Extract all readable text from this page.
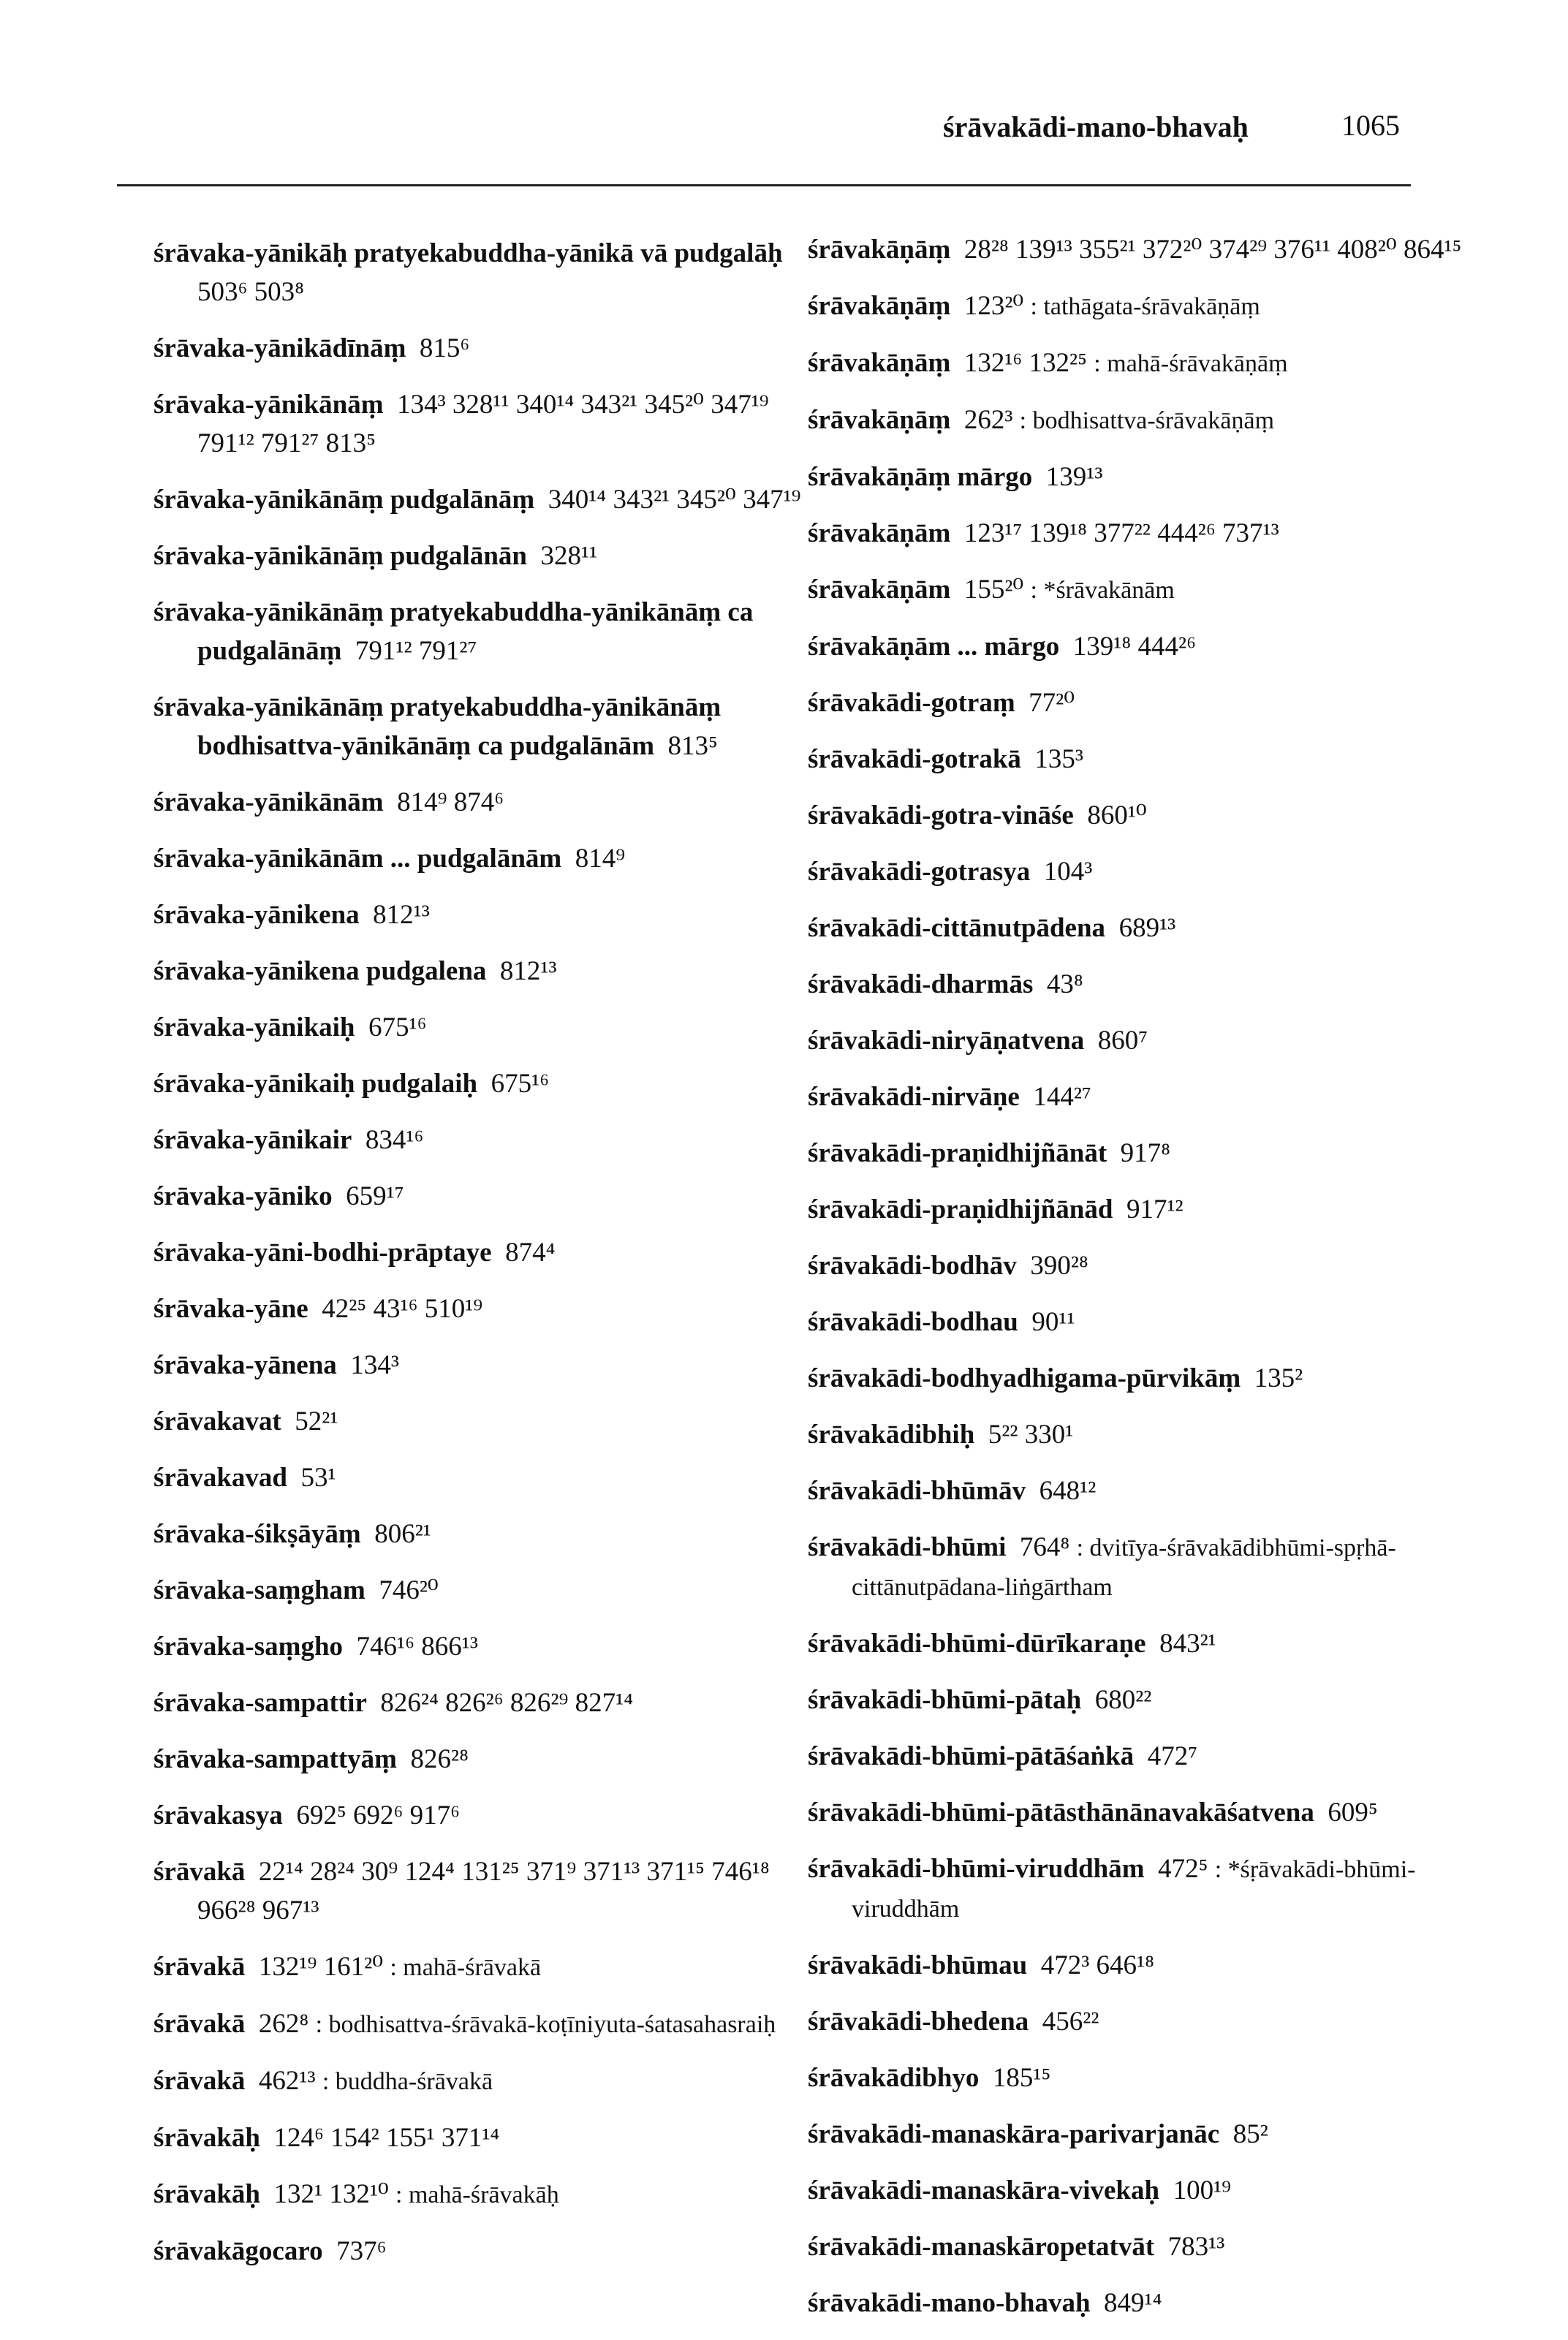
śrāvakādi-mano-bhavaḥ	1065

śrāvaka-yānikāḥ pratyekabuddha-yānikā vā pudgalāḥ 503⁶ 503⁸

śrāvaka-yānikādīnāṃ  815⁶

śrāvaka-yānikānāṃ  134³ 328¹¹ 340¹⁴ 343²¹ 345²⁰ 347¹⁹ 791¹² 791²⁷ 813⁵

śrāvaka-yānikānāṃ pudgalānāṃ  340¹⁴ 343²¹ 345²⁰ 347¹⁹

śrāvaka-yānikānāṃ pudgalānān  328¹¹

śrāvaka-yānikānāṃ pratyekabuddha-yānikānāṃ ca pudgalānāṃ  791¹² 791²⁷

śrāvaka-yānikānāṃ pratyekabuddha-yānikānāṃ bodhisattva-yānikānāṃ ca pudgalānām  813⁵

śrāvaka-yānikānām  814⁹ 874⁶

śrāvaka-yānikānām ... pudgalānām  814⁹

śrāvaka-yānikena  812¹³

śrāvaka-yānikena pudgalena  812¹³

śrāvaka-yānikaiḥ  675¹⁶

śrāvaka-yānikaiḥ pudgalaiḥ  675¹⁶

śrāvaka-yānikair  834¹⁶

śrāvaka-yāniko  659¹⁷

śrāvaka-yāni-bodhi-prāptaye  874⁴

śrāvaka-yāne  42²⁵ 43¹⁶ 510¹⁹

śrāvaka-yānena  134³

śrāvakavat  52²¹

śrāvakavad  53¹

śrāvaka-śikṣāyāṃ  806²¹

śrāvaka-saṃgham  746²⁰

śrāvaka-saṃgho  746¹⁶ 866¹³

śrāvaka-sampattir  826²⁴ 826²⁶ 826²⁹ 827¹⁴

śrāvaka-sampattyāṃ  826²⁸

śrāvakasya  692⁵ 692⁶ 917⁶

śrāvakā  22¹⁴ 28²⁴ 30⁹ 124⁴ 131²⁵ 371⁹ 371¹³ 371¹⁵ 746¹⁸ 966²⁸ 967¹³

śrāvakā  132¹⁹ 161²⁰ : mahā-śrāvakā

śrāvakā  262⁸ : bodhisattva-śrāvakā-koṭīniyuta-śatasahasraiḥ

śrāvakā  462¹³ : buddha-śrāvakā

śrāvakāḥ  124⁶ 154² 155¹ 371¹⁴

śrāvakāḥ  132¹ 132¹⁰ : mahā-śrāvakāḥ

śrāvakāgocaro  737⁶

śrāvakāṇāṃ  28²⁸ 139¹³ 355²¹ 372²⁰ 374²⁹ 376¹¹ 408²⁰ 864¹⁵

śrāvakāṇāṃ  123²⁰ : tathāgata-śrāvakāṇāṃ

śrāvakāṇāṃ  132¹⁶ 132²⁵ : mahā-śrāvakāṇāṃ

śrāvakāṇāṃ  262³ : bodhisattva-śrāvakāṇāṃ

śrāvakāṇāṃ mārgo  139¹³

śrāvakāṇām  123¹⁷ 139¹⁸ 377²² 444²⁶ 737¹³

śrāvakāṇām  155²⁰ : *śrāvakānām

śrāvakāṇām ... mārgo  139¹⁸ 444²⁶

śrāvakādi-gotraṃ  77²⁰

śrāvakādi-gotrakā  135³

śrāvakādi-gotra-vināśe  860¹⁰

śrāvakādi-gotrasya  104³

śrāvakādi-cittānutpādena  689¹³

śrāvakādi-dharmās  43⁸

śrāvakādi-niryāṇatvena  860⁷

śrāvakādi-nirvāṇe  144²⁷

śrāvakādi-praṇidhijñānāt  917⁸

śrāvakādi-praṇidhijñānād  917¹²

śrāvakādi-bodhāv  390²⁸

śrāvakādi-bodhau  90¹¹

śrāvakādi-bodhyadhigama-pūrvikāṃ  135²

śrāvakādibhiḥ  5²² 330¹

śrāvakādi-bhūmāv  648¹²

śrāvakādi-bhūmi  764⁸ : dvitīya-śrāvakādibhūmi-spṛhā-cittānutpādana-liṅgārtham

śrāvakādi-bhūmi-dūrīkaraṇe  843²¹

śrāvakādi-bhūmi-pātaḥ  680²²

śrāvakādi-bhūmi-pātāśaṅkā  472⁷

śrāvakādi-bhūmi-pātāsthānānavakāśatvena  609⁵

śrāvakādi-bhūmi-viruddhām  472⁵ : *śṛāvakādi-bhūmi-viruddhām

śrāvakādi-bhūmau  472³ 646¹⁸

śrāvakādi-bhedena  456²²

śrāvakādibhyo  185¹⁵

śrāvakādi-manaskāra-parivarjanāc  85²

śrāvakādi-manaskāra-vivekaḥ  100¹⁹

śrāvakādi-manaskāropetatvāt  783¹³

śrāvakādi-mano-bhavaḥ  849¹⁴
